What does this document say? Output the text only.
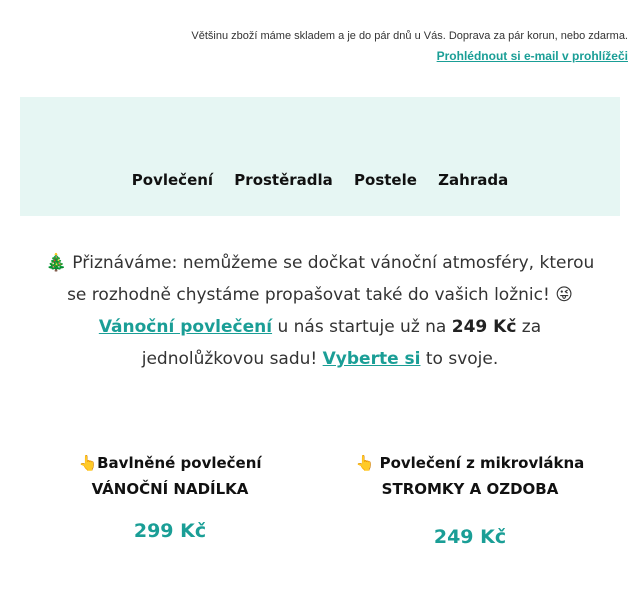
Většinu zboží máme skladem a je do pár dnů u Vás. Doprava za pár korun, nebo zdarma.
Prohlédnout si e-mail v prohlížeči
Povlečení Prostěradla Postele Zahrada
🎄 Přiznáváme: nemůžeme se dočkat vánoční atmosféry, kterou se rozhodně chystáme propašovat také do vašich ložnic! 😜 Vánoční povlečení u nás startuje už na 249 Kč za jednolůžkovou sadu! Vyberte si to svoje.
👆Bavlněné povlečení
VÁNOČNÍ NADÍLKA
299 Kč
👆 Povlečení z mikrovlákna
STROMKY A OZDOBA
249 Kč
